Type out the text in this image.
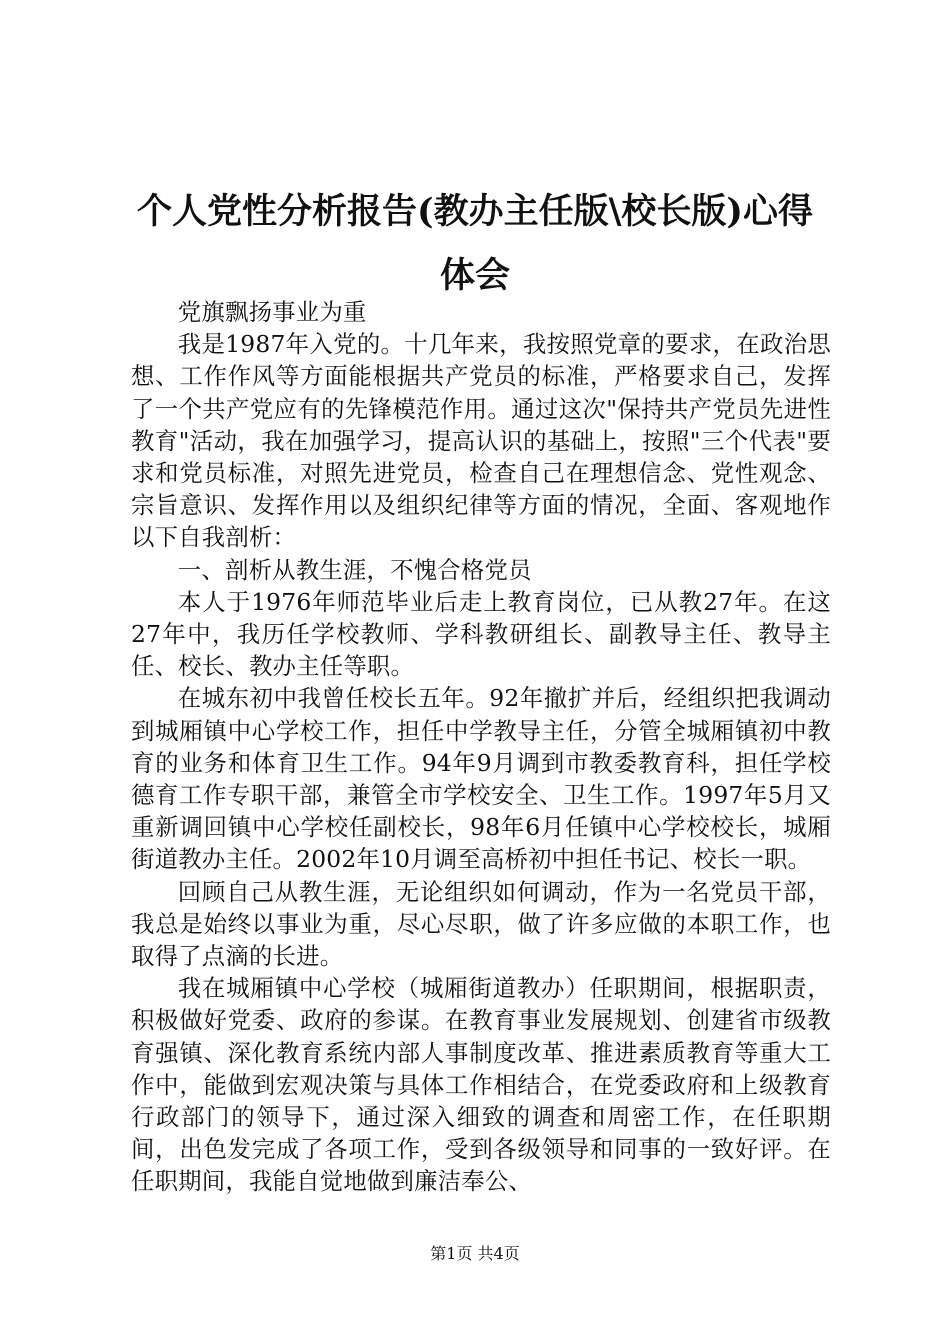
个人党性分析报告(教办主任版\校长版)心得体会

党旗飘扬事业为重

我是1987年入党的。十几年来，我按照党章的要求，在政治思想、工作作风等方面能根据共产党员的标准，严格要求自己，发挥了一个共产党应有的先锋模范作用。通过这次"保持共产党员先进性教育"活动，我在加强学习，提高认识的基础上，按照"三个代表"要求和党员标准，对照先进党员，检查自己在理想信念、党性观念、宗旨意识、发挥作用以及组织纪律等方面的情况，全面、客观地作以下自我剖析：

一、剖析从教生涯，不愧合格党员

本人于1976年师范毕业后走上教育岗位，已从教27年。在这27年中，我历任学校教师、学科教研组长、副教导主任、教导主任、校长、教办主任等职。

在城东初中我曾任校长五年。92年撤扩并后，经组织把我调动到城厢镇中心学校工作，担任中学教导主任，分管全城厢镇初中教育的业务和体育卫生工作。94年9月调到市教委教育科，担任学校德育工作专职干部，兼管全市学校安全、卫生工作。1997年5月又重新调回镇中心学校任副校长，98年6月任镇中心学校校长，城厢街道教办主任。2002年10月调至高桥初中担任书记、校长一职。

回顾自己从教生涯，无论组织如何调动，作为一名党员干部，我总是始终以事业为重，尽心尽职，做了许多应做的本职工作，也取得了点滴的长进。

我在城厢镇中心学校（城厢街道教办）任职期间，根据职责，积极做好党委、政府的参谋。在教育事业发展规划、创建省市级教育强镇、深化教育系统内部人事制度改革、推进素质教育等重大工作中，能做到宏观决策与具体工作相结合，在党委政府和上级教育行政部门的领导下，通过深入细致的调查和周密工作，在任职期间，出色发完成了各项工作，受到各级领导和同事的一致好评。在任职期间，我能自觉地做到廉洁奉公、

第1页 共4页
